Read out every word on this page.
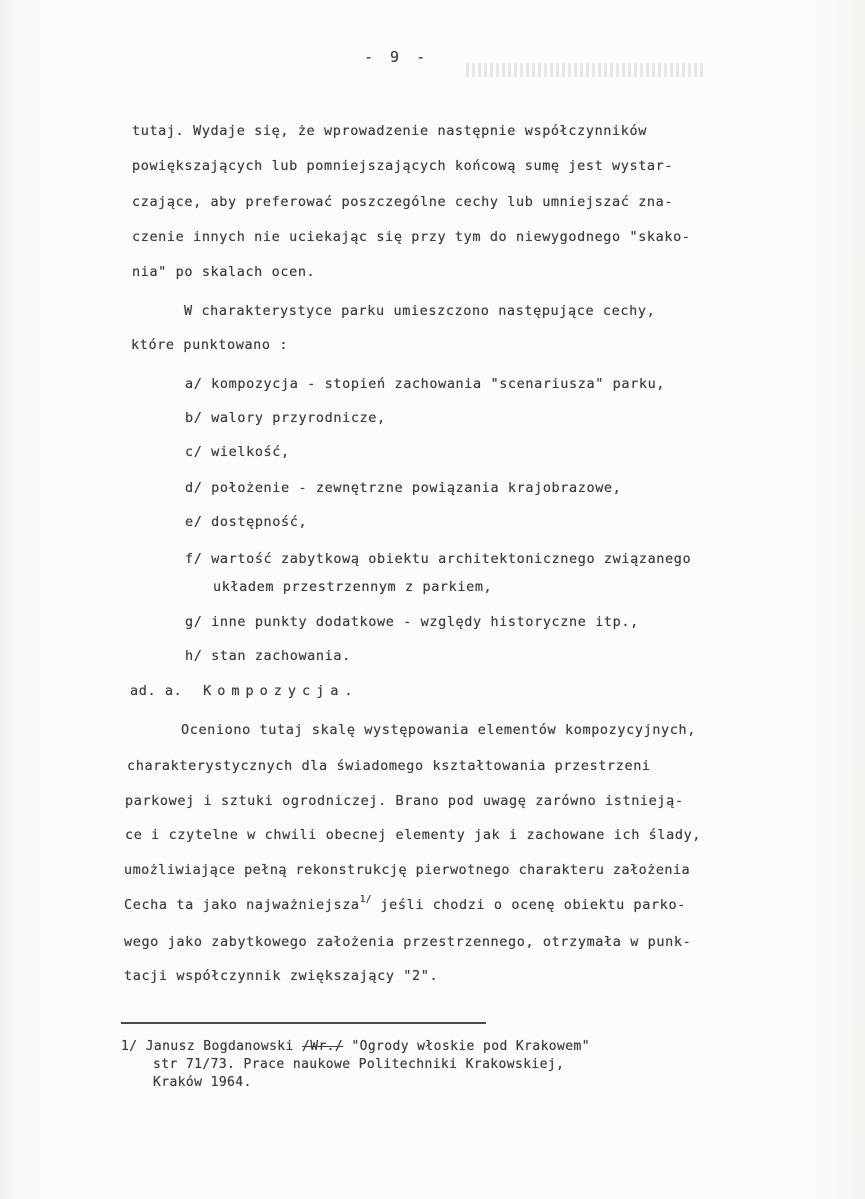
- 9 -
tutaj. Wydaje się, że wprowadzenie następnie współczynników
powiększających lub pomniejszających końcową sumę jest wystar-
czające, aby preferować poszczególne cechy lub umniejszać zna-
czenie innych nie uciekając się przy tym do niewygodnego "skako-
nia" po skalach ocen.
W charakterystyce parku umieszczono następujące cechy,
które punktowano :
a/ kompozycja - stopień zachowania "scenariusza" parku,
b/ walory przyrodnicze,
c/ wielkość,
d/ położenie - zewnętrzne powiązania krajobrazowe,
e/ dostępność,
f/ wartość zabytkową obiektu architektonicznego związanego
układem przestrzennym z parkiem,
g/ inne punkty dodatkowe - względy historyczne itp.,
h/ stan zachowania.
ad. a. Kompozycja.
Oceniono tutaj skalę występowania elementów kompozycyjnych,
charakterystycznych dla świadomego kształtowania przestrzeni
parkowej i sztuki ogrodniczej. Brano pod uwagę zarówno istnieją-
ce i czytelne w chwili obecnej elementy jak i zachowane ich ślady,
umożliwiające pełną rekonstrukcję pierwotnego charakteru założenia
Cecha ta jako najważniejsza$^{1/}$ jeśli chodzi o ocenę obiektu parko-
wego jako zabytkowego założenia przestrzennego, otrzymała w punk-
tacji współczynnik zwiększający "2".
1/ Janusz Bogdanowski /Wr./ "Ogrody włoskie pod Krakowem"
str 71/73. Prace naukowe Politechniki Krakowskiej,
Kraków 1964.
